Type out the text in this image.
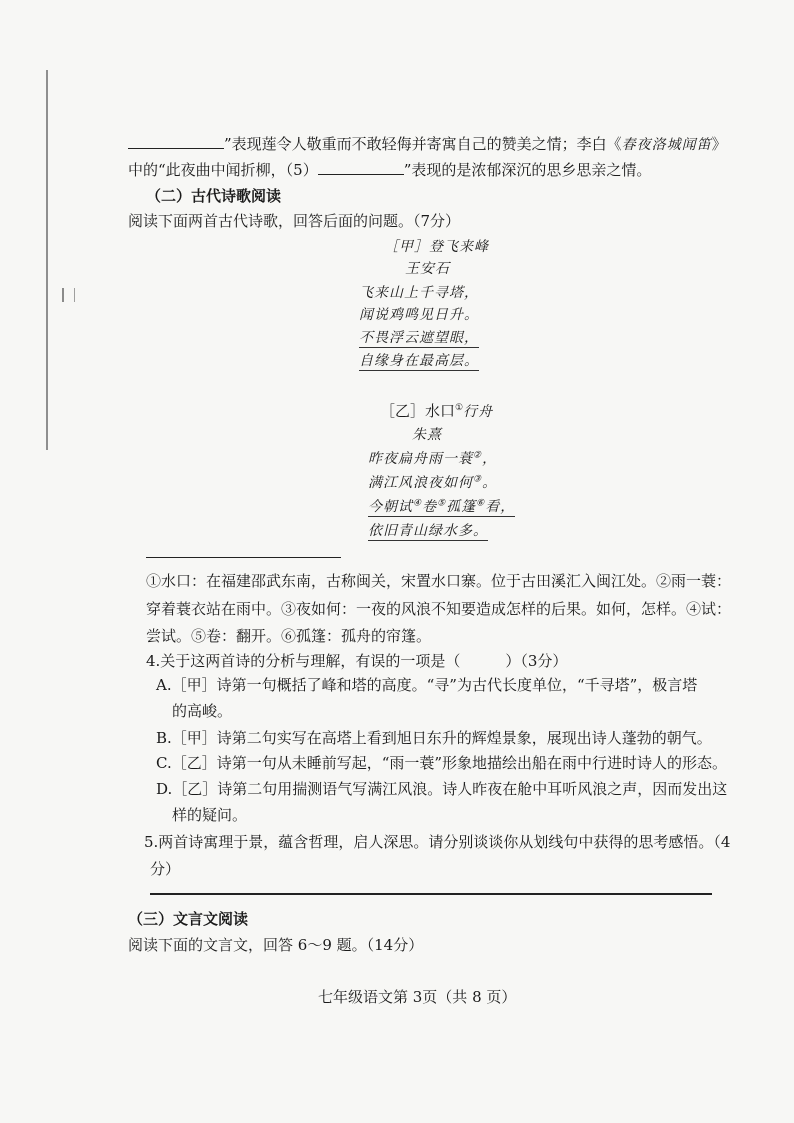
”表现莲令人敬重而不敢轻侮并寄寓自己的赞美之情；李白《春夜洛城闻笛》
中的“此夜曲中闻折柳，（5）	”表现的是浓郁深沉的思乡思亲之情。
（二）古代诗歌阅读
阅读下面两首古代诗歌，回答后面的问题。（7分）
［甲］登飞来峰
王安石
飞来山上千寻塔，
闻说鸡鸣见日升。
不畏浮云遮望眼，
自缘身在最高层。
［乙］水口①行舟
朱熹
昨夜扁舟雨一蓑②，
满江风浪夜如何③。
今朝试④卷⑤孤篷⑥看，
依旧青山绿水多。
①水口：在福建邵武东南，古称闽关，宋置水口寨。位于古田溪汇入闽江处。②雨一蓑：
穿着蓑衣站在雨中。③夜如何：一夜的风浪不知要造成怎样的后果。如何，怎样。④试：
尝试。⑤卷：翻开。⑥孤篷：孤舟的帘篷。
4.关于这两首诗的分析与理解，有误的一项是（　　　）（3分）
A.［甲］诗第一句概括了峰和塔的高度。“寻”为古代长度单位，“千寻塔”，极言塔
的高峻。
B.［甲］诗第二句实写在高塔上看到旭日东升的辉煌景象，展现出诗人蓬勃的朝气。
C.［乙］诗第一句从未睡前写起，“雨一蓑”形象地描绘出船在雨中行进时诗人的形态。
D.［乙］诗第二句用揣测语气写满江风浪。诗人昨夜在舱中耳听风浪之声，因而发出这
样的疑问。
5.两首诗寓理于景，蕴含哲理，启人深思。请分别谈谈你从划线句中获得的思考感悟。（4
分）
（三）文言文阅读
阅读下面的文言文，回答 6～9 题。（14分）
七年级语文第 3页（共 8 页）
